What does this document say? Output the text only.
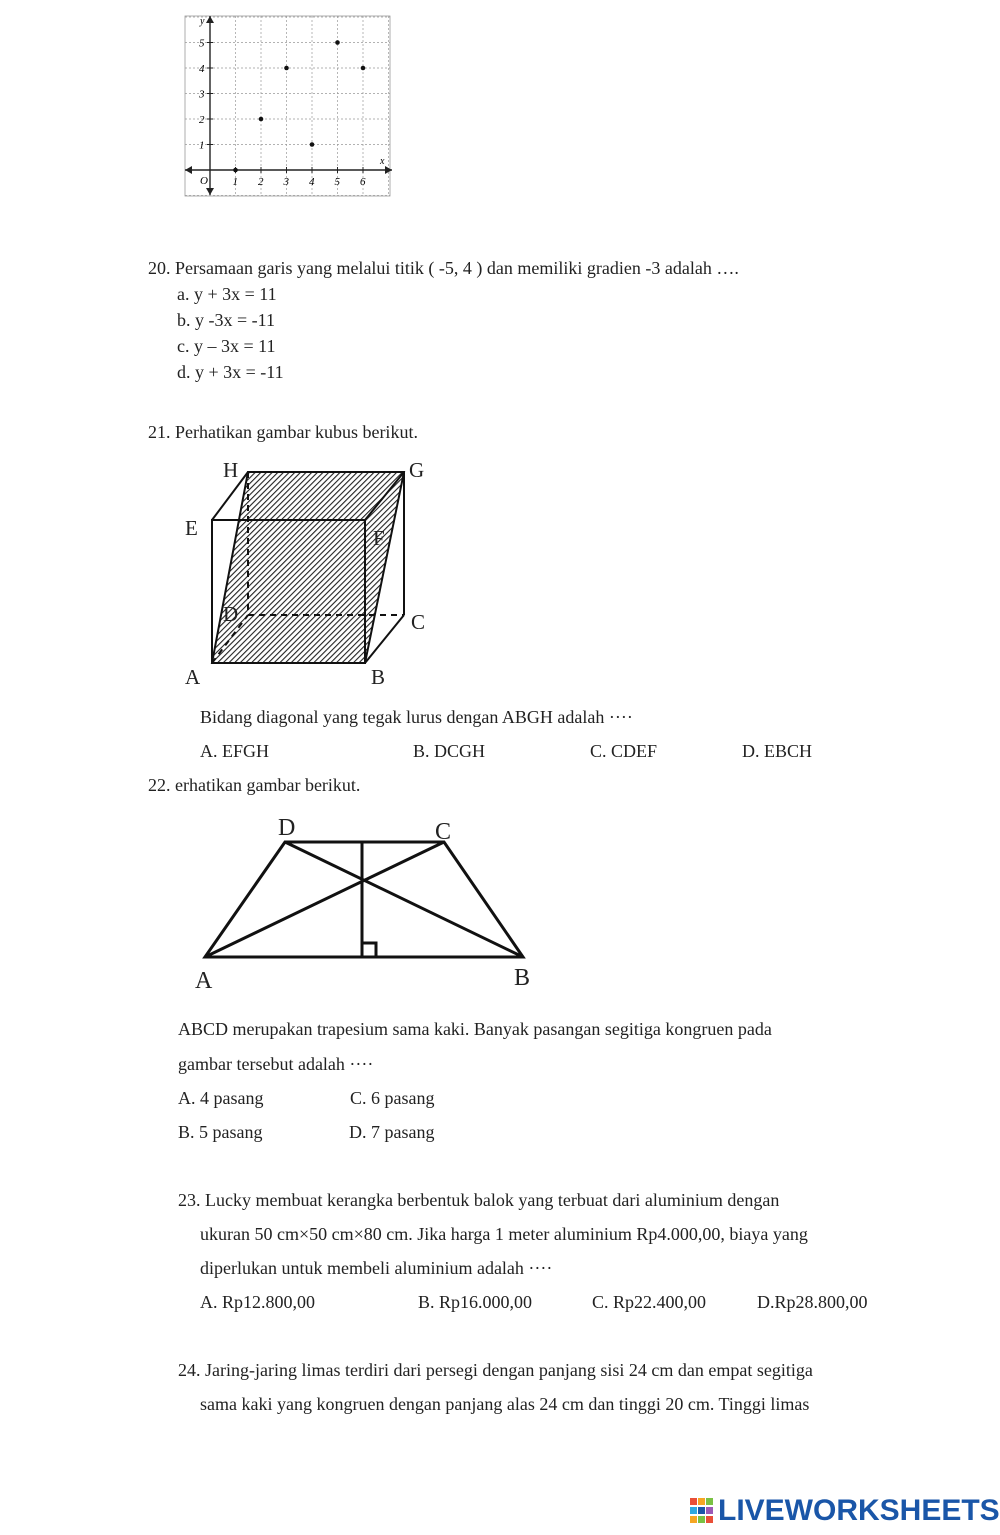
y
x
O 1 2 3 4 5 6
1
2
3
4
5
20. Persamaan garis yang melalui titik ( -5, 4 ) dan memiliki gradien -3 adalah ….
a. y + 3x = 11
b. y -3x = -11
c. y – 3x = 11
d. y + 3x = -11
21. Perhatikan gambar kubus berikut.
H	G
E	F
D	C
A	B
Bidang diagonal yang tegak lurus dengan ABGH adalah ····
A. EFGH	B. DCGH	C. CDEF	D. EBCH
22. erhatikan gambar berikut.
D	C
A	B
ABCD merupakan trapesium sama kaki. Banyak pasangan segitiga kongruen pada
gambar tersebut adalah ····
A. 4 pasang	C. 6 pasang
B. 5 pasang	D. 7 pasang
23. Lucky membuat kerangka berbentuk balok yang terbuat dari aluminium dengan
ukuran 50 cm×50 cm×80 cm. Jika harga 1 meter aluminium Rp4.000,00, biaya yang
diperlukan untuk membeli aluminium adalah ····
A. Rp12.800,00	B. Rp16.000,00	C. Rp22.400,00	D.Rp28.800,00
24. Jaring-jaring limas terdiri dari persegi dengan panjang sisi 24 cm dan empat segitiga
sama kaki yang kongruen dengan panjang alas 24 cm dan tinggi 20 cm. Tinggi limas
LIVEWORKSHEETS
